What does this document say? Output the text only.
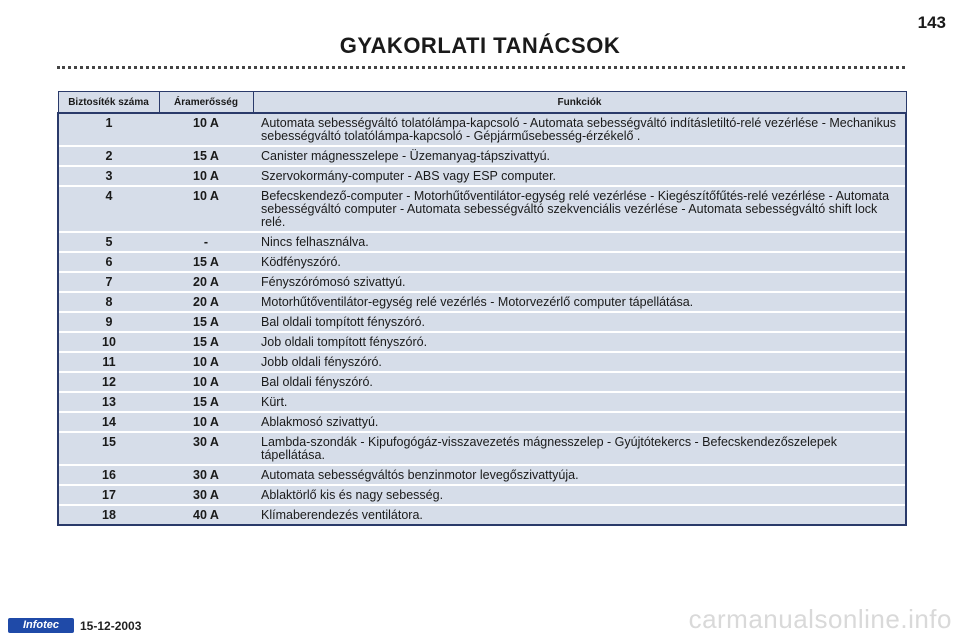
143
GYAKORLATI TANÁCSOK
Biztosíték száma	Áramerősség	Funkciók
1	10 A	Automata sebességváltó tolatólámpa-kapcsoló - Automata sebességváltó indításletiltó-relé vezérlése - Mechanikus sebességváltó tolatólámpa-kapcsoló - Gépjárműsebesség-érzékelő .
2	15 A	Canister mágnesszelepe - Üzemanyag-tápszivattyú.
3	10 A	Szervokormány-computer - ABS vagy ESP computer.
4	10 A	Befecskendező-computer - Motorhűtőventilátor-egység relé vezérlése - Kiegészítőfűtés-relé vezérlése - Automata sebességváltó computer - Automata sebességváltó szekvenciális vezérlése - Automata sebességváltó shift lock relé.
5	-	Nincs felhasználva.
6	15 A	Ködfényszóró.
7	20 A	Fényszórómosó szivattyú.
8	20 A	Motorhűtőventilátor-egység relé vezérlés - Motorvezérlő computer tápellátása.
9	15 A	Bal oldali tompított fényszóró.
10	15 A	Job oldali tompított fényszóró.
11	10 A	Jobb oldali fényszóró.
12	10 A	Bal oldali fényszóró.
13	15 A	Kürt.
14	10 A	Ablakmosó szivattyú.
15	30 A	Lambda-szondák - Kipufogógáz-visszavezetés mágnesszelep - Gyújtótekercs - Befecskendezőszelepek tápellátása.
16	30 A	Automata sebességváltós benzinmotor levegőszivattyúja.
17	30 A	Ablaktörlő kis és nagy sebesség.
18	40 A	Klímaberendezés ventilátora.
Infotec	15-12-2003	carmanualsonline.info
